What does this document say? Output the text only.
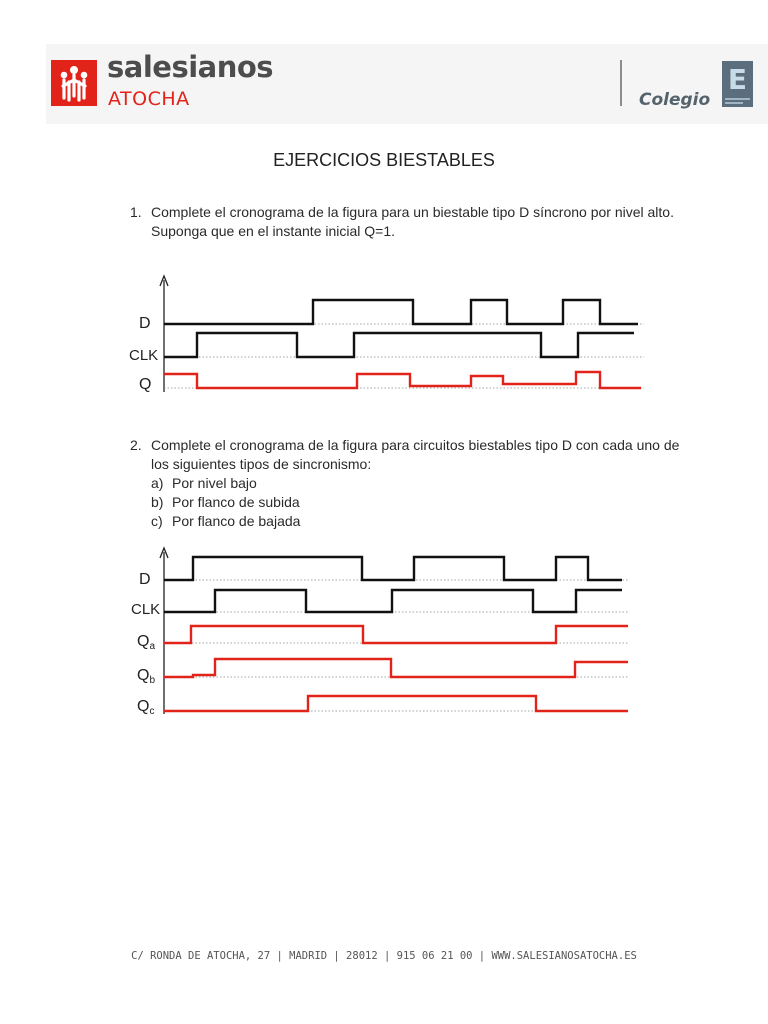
salesianos
ATOCHA	Colegio
E
EJERCICIOS BIESTABLES
1. Complete el cronograma de la figura para un biestable tipo D síncrono por nivel alto.
Suponga que en el instante inicial Q=1.
D
CLK
Q
2. Complete el cronograma de la figura para circuitos biestables tipo D con cada uno de
los siguientes tipos de sincronismo:
a) Por nivel bajo
b) Por flanco de subida
c) Por flanco de bajada
D
CLK
Qa
Qb
Qc
C/ RONDA DE ATOCHA, 27 | MADRID | 28012 | 915 06 21 00 | WWW.SALESIANOSATOCHA.ES
